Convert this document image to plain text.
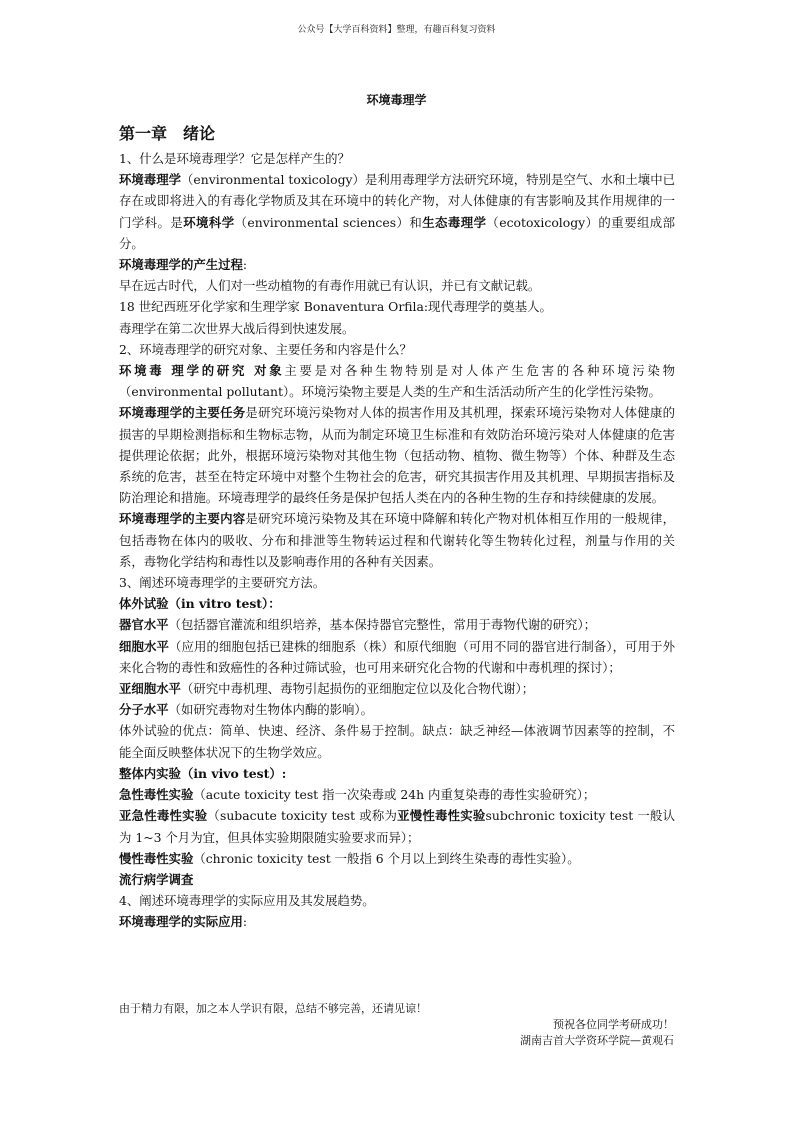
公众号【大学百科资料】整理，有趣百科复习资料
环境毒理学
第一章　绪论

1、什么是环境毒理学？它是怎样产生的？

环境毒理学（environmental toxicology）是利用毒理学方法研究环境，特别是空气、水和土壤中已存在或即将进入的有毒化学物质及其在环境中的转化产物，对人体健康的有害影响及其作用规律的一门学科。是环境科学（environmental sciences）和生态毒理学（ecotoxicology）的重要组成部分。

环境毒理学的产生过程:

早在远古时代，人们对一些动植物的有毒作用就已有认识，并已有文献记载。

18 世纪西班牙化学家和生理学家 Bonaventura Orfila:现代毒理学的奠基人。

毒理学在第二次世界大战后得到快速发展。

2、环境毒理学的研究对象、主要任务和内容是什么？

环境毒 理学的研究 对象主要是对各种生物特别是对人体产生危害的各种环境污染物（environmental pollutant）。环境污染物主要是人类的生产和生活活动所产生的化学性污染物。

环境毒理学的主要任务是研究环境污染物对人体的损害作用及其机理，探索环境污染物对人体健康的损害的早期检测指标和生物标志物，从而为制定环境卫生标准和有效防治环境污染对人体健康的危害提供理论依据；此外，根据环境污染物对其他生物（包括动物、植物、微生物等）个体、种群及生态系统的危害，甚至在特定环境中对整个生物社会的危害，研究其损害作用及其机理、早期损害指标及防治理论和措施。环境毒理学的最终任务是保护包括人类在内的各种生物的生存和持续健康的发展。

环境毒理学的主要内容是研究环境污染物及其在环境中降解和转化产物对机体相互作用的一般规律，包括毒物在体内的吸收、分布和排泄等生物转运过程和代谢转化等生物转化过程，剂量与作用的关系，毒物化学结构和毒性以及影响毒作用的各种有关因素。

3、阐述环境毒理学的主要研究方法。

体外试验（in vitro test）：

器官水平（包括器官灌流和组织培养，基本保持器官完整性，常用于毒物代谢的研究）；

细胞水平（应用的细胞包括已建株的细胞系（株）和原代细胞（可用不同的器官进行制备），可用于外来化合物的毒性和致癌性的各种过筛试验，也可用来研究化合物的代谢和中毒机理的探讨）；

亚细胞水平（研究中毒机理、毒物引起损伤的亚细胞定位以及化合物代谢）；

分子水平（如研究毒物对生物体内酶的影响）。

体外试验的优点：简单、快速、经济、条件易于控制。缺点：缺乏神经—体液调节因素等的控制，不能全面反映整体状况下的生物学效应。

整体内实验（in vivo test）:

急性毒性实验（acute toxicity test 指一次染毒或 24h 内重复染毒的毒性实验研究）；

亚急性毒性实验（subacute toxicity test 或称为亚慢性毒性实验subchronic toxicity test 一般认为 1~3 个月为宜，但具体实验期限随实验要求而异）；

慢性毒性实验（chronic toxicity test 一般指 6 个月以上到终生染毒的毒性实验）。

流行病学调查

4、阐述环境毒理学的实际应用及其发展趋势。

环境毒理学的实际应用:

由于精力有限，加之本人学识有限，总结不够完善，还请见谅！
预祝各位同学考研成功！
湖南吉首大学资环学院—黄观石
